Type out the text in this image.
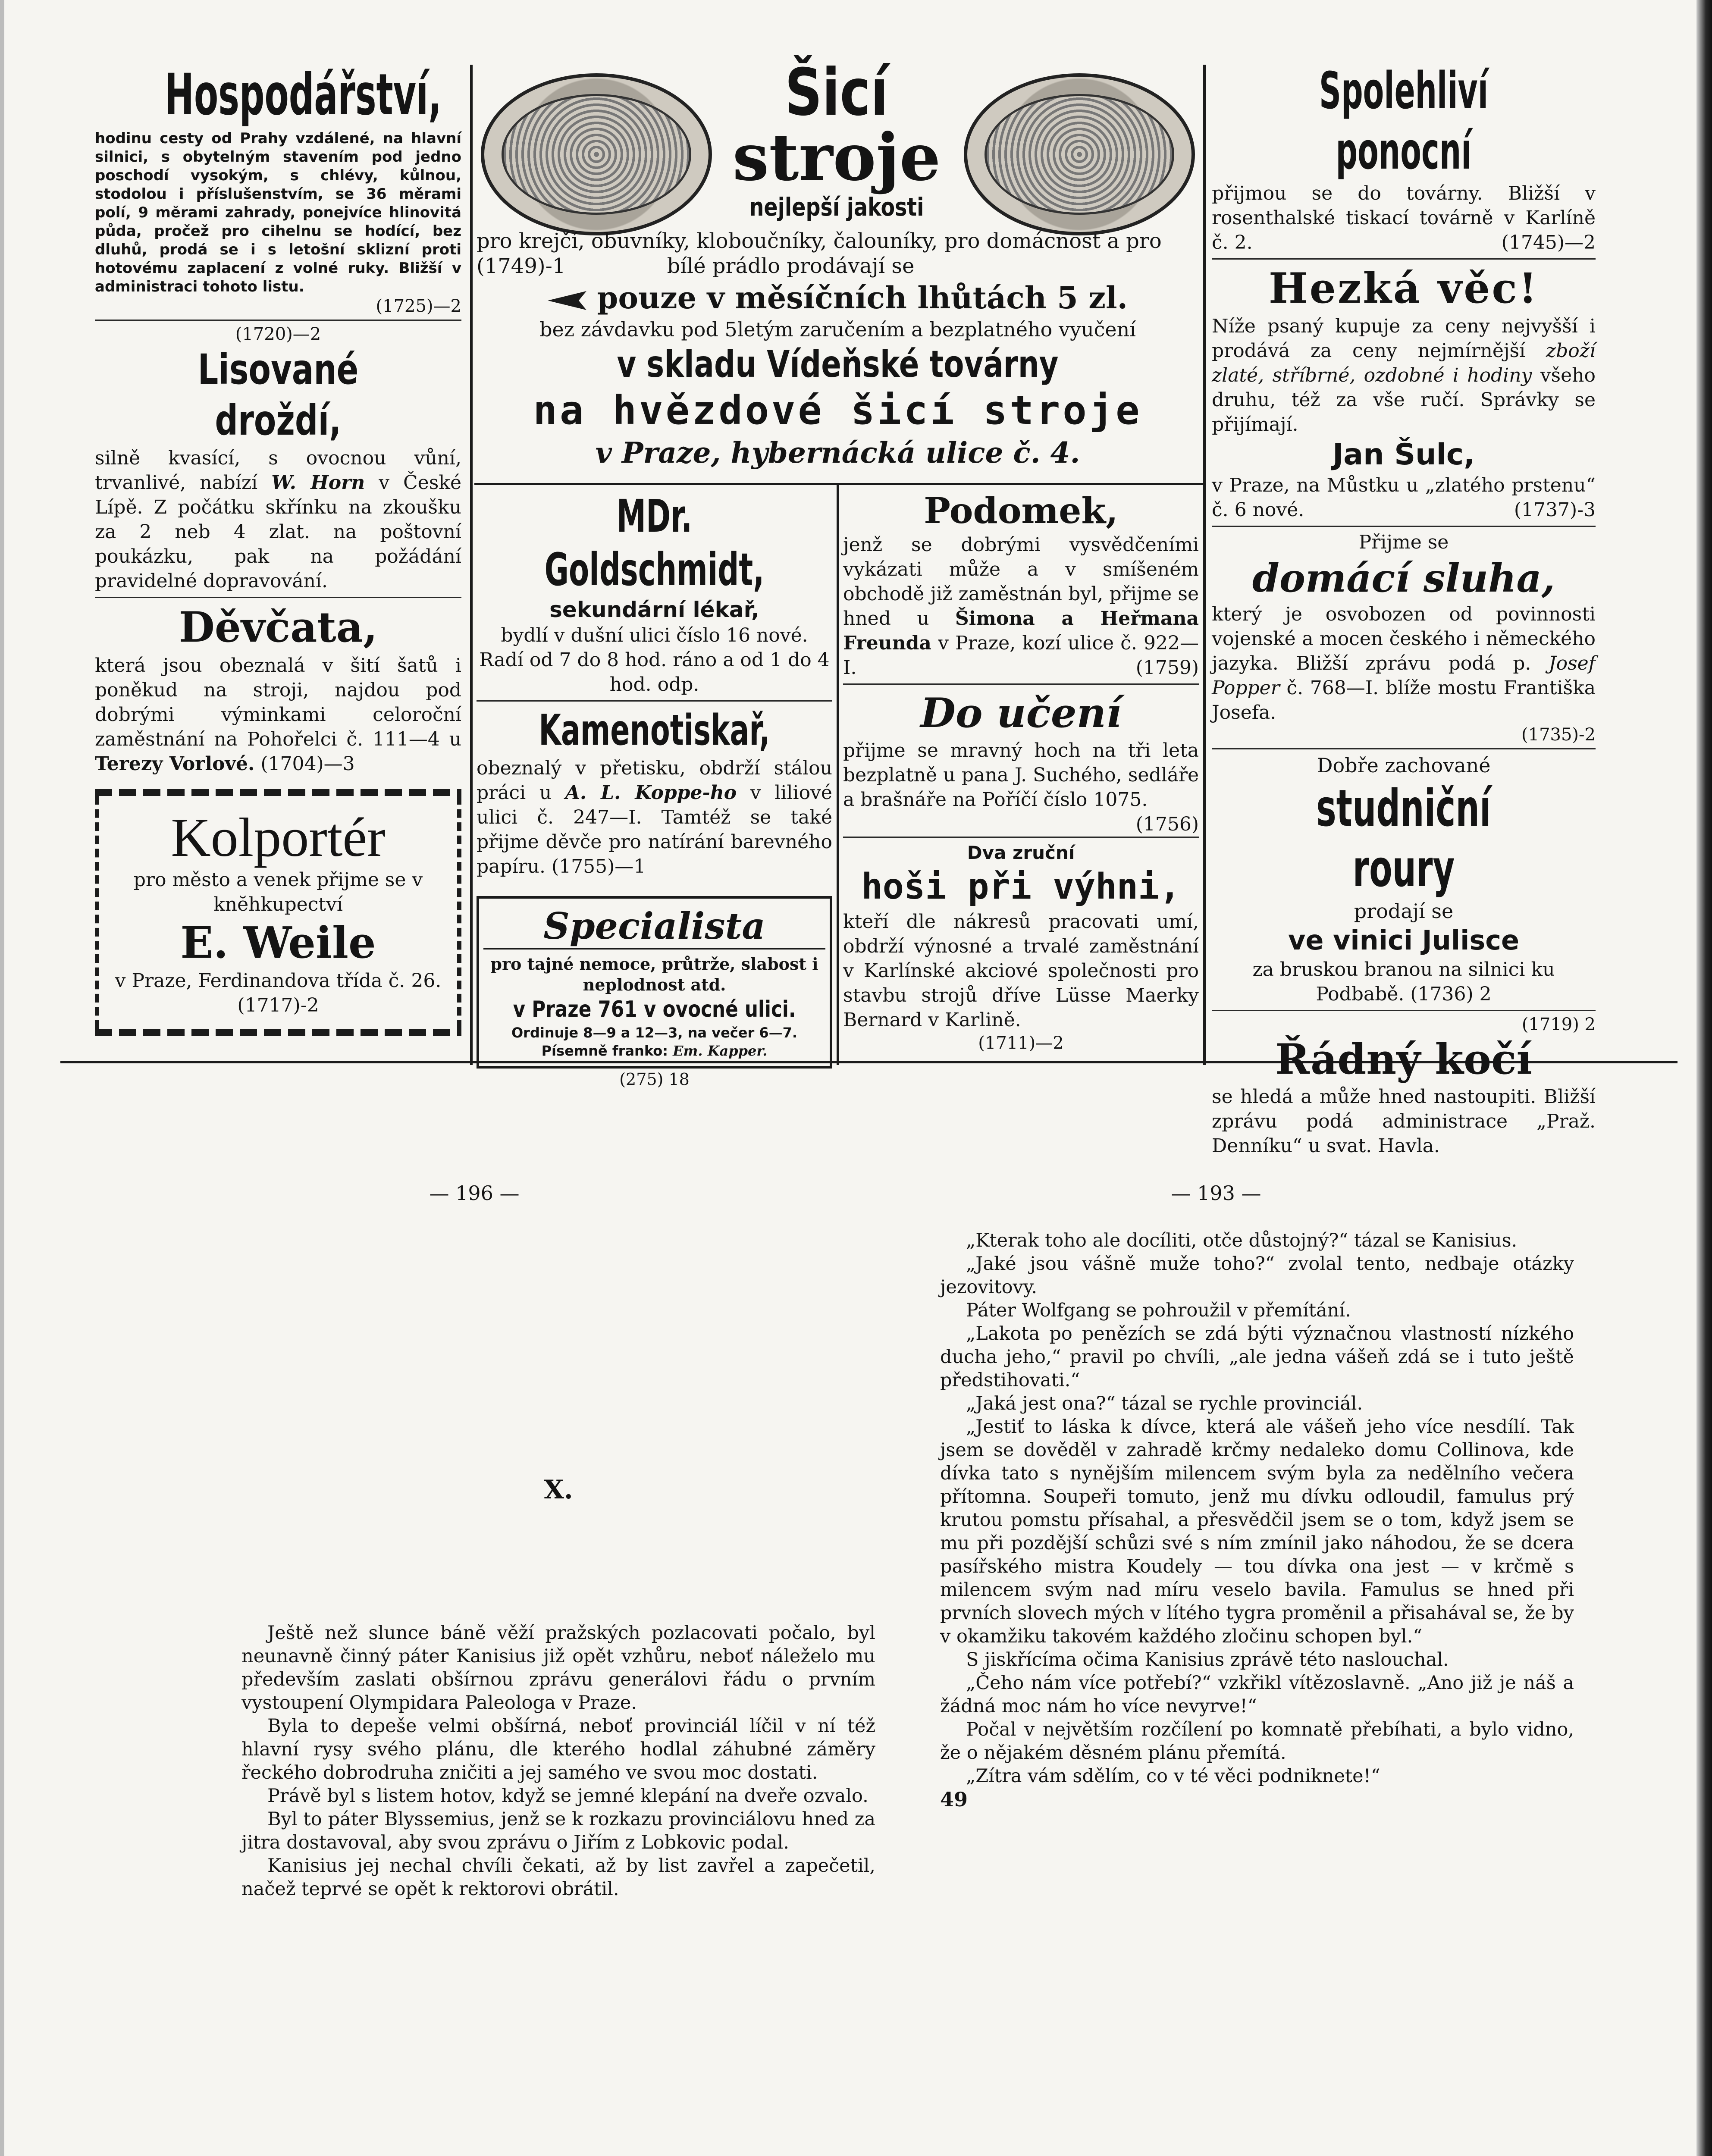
Hospodářství,

hodinu cesty od Prahy vzdálené, na hlavní silnici, s obytelným stavením pod jedno poschodí vysokým, s chlévy, kůlnou, stodolou i příslušenstvím, se 36 měrami polí, 9 měrami zahrady, ponejvíce hlinovitá půda, pročež pro cihelnu se hodící, bez dluhů, prodá se i s letošní sklizní proti hotovému zaplacení z volné ruky. Bližší v administraci tohoto listu.

(1725)—2

(1720)—2

Lisované droždí,

silně kvasící, s ovocnou vůní, trvanlivé, nabízí W. Horn v České Lípě. Z počátku skřínku na zkoušku za 2 neb 4 zlat. na poštovní poukázku, pak na požádání pravidelné dopravování.

Děvčata,

která jsou obeznalá v šití šatů i poněkud na stroji, najdou pod dobrými výminkami celoroční zaměstnání na Pohořelci č. 111—4 u Terezy Vorlové. (1704)—3

Kolportér

pro město a venek přijme se v knĕhkupectví

E. Weile

v Praze, Ferdinandova třída č. 26. (1717)-2

Šicí
stroje
nejlepší jakosti

pro krejčí, obuvníky, kloboučníky, čalouníky, pro domácnost a pro

(1749)-1	bílé prádlo prodávají se

pouze v měsíčních lhůtách 5 zl.

bez závdavku pod 5letým zaručením a bezplatného vyučení

v skladu Vídeňské továrny

na hvězdové šicí stroje

v Praze, hybernácká ulice č. 4.

MDr. Goldschmidt,

sekundární lékař,

bydlí v dušní ulici číslo 16 nové. Radí od 7 do 8 hod. ráno a od 1 do 4 hod. odp.

Kamenotiskař,

obeznalý v přetisku, obdrží stálou práci u A. L. Koppe-ho v liliové ulici č. 247—I. Tamtéž se také přijme děvče pro natírání barevného papíru. (1755)—1

Specialista

pro tajné nemoce, průtrže, slabost i neplodnost atd.

v Praze 761 v ovocné ulici.

Ordinuje 8—9 a 12—3, na večer 6—7.

Písemně franko: Em. Kapper.

(275) 18

Podomek,

jenž se dobrými vysvědčeními vykázati může a v smíšeném obchodě již zaměstnán byl, přijme se hned u Šimona a Heřmana Freunda v Praze, kozí ulice č. 922—I.	(1759)

Do učení

přijme se mravný hoch na tři leta bezplatně u pana J. Suchého, sedláře a brašnáře na Poříčí číslo 1075.
(1756)

Dva zruční

hoši při výhni,

kteří dle nákresů pracovati umí, obdrží výnosné a trvalé zaměstnání v Karlínské akciové společnosti pro stavbu strojů dříve Lüsse Maerky Bernard v Karlině.

(1711)—2

Spolehliví ponocní

přijmou se do továrny. Bližší v rosenthalské tiskací továrně v Karlíně č. 2.	(1745)—2

Hezká věc!

Níže psaný kupuje za ceny nejvyšší i prodává za ceny nejmírnější zboží zlaté, stříbrné, ozdobné i hodiny všeho druhu, též za vše ručí. Správky se přijímají.

Jan Šulc,

v Praze, na Můstku u „zlatého prstenu“ č. 6 nové.	(1737)-3

Přijme se

domácí sluha,

který je osvobozen od povinnosti vojenské a mocen českého i německého jazyka. Bližší zprávu podá p. Josef Popper č. 768—I. blíže mostu Františka Josefa.

(1735)-2

Dobře zachované

studniční roury

prodají se

ve vinici Julisce

za bruskou branou na silnici ku Podbabě. (1736) 2

(1719) 2

Řádný kočí

se hledá a může hned nastoupiti. Bližší zprávu podá administrace „Praž. Denníku“ u svat. Havla.

— 196 —	— 193 —
X.

Ještě než slunce báně věží pražských pozlacovati počalo, byl neunavně činný páter Kanisius již opět vzhůru, neboť náleželo mu především zaslati obšírnou zprávu generálovi řádu o prvním vystoupení Olympidara Paleologa v Praze.

Byla to depeše velmi obšírná, neboť provinciál líčil v ní též hlavní rysy svého plánu, dle kterého hodlal záhubné záměry řeckého dobrodruha zničiti a jej samého ve svou moc dostati.

Právě byl s listem hotov, když se jemné klepání na dveře ozvalo.

Byl to páter Blyssemius, jenž se k rozkazu provinciálovu hned za jitra dostavoval, aby svou zprávu o Jiřím z Lobkovic podal.

Kanisius jej nechal chvíli čekati, až by list zavřel a zapečetil, načež teprvé se opět k rektorovi obrátil.

„Kterak toho ale docíliti, otče důstojný?“ tázal se Kanisius.

„Jaké jsou vášně muže toho?“ zvolal tento, nedbaje otázky jezovitovy.

Páter Wolfgang se pohroužil v přemítání.

„Lakota po penězích se zdá býti význačnou vlastností nízkého ducha jeho,“ pravil po chvíli, „ale jedna vášeň zdá se i tuto ještě předstihovati.“

„Jaká jest ona?“ tázal se rychle provinciál.

„Jestiť to láska k dívce, která ale vášeň jeho více nesdílí. Tak jsem se dověděl v zahradě krčmy nedaleko domu Collinova, kde dívka tato s nynějším milencem svým byla za nedělního večera přítomna. Soupeři tomuto, jenž mu dívku odloudil, famulus prý krutou pomstu přísahal, a přesvědčil jsem se o tom, když jsem se mu při pozdější schůzi své s ním zmínil jako náhodou, že se dcera pasířského mistra Koudely — tou dívka ona jest — v krčmě s milencem svým nad míru veselo bavila. Famulus se hned při prvních slovech mých v lítého tygra proměnil a přisahával se, že by v okamžiku takovém každého zločinu schopen byl.“

S jiskřícíma očima Kanisius zprávě této naslouchal.

„Čeho nám více potřebí?“ vzkřikl vítězoslavně. „Ano již je náš a žádná moc nám ho více nevyrve!“

Počal v největším rozčílení po komnatě přebíhati, a bylo vidno, že o nějakém děsném plánu přemítá.

„Zítra vám sdělím, co v té věci podniknete!“

49
